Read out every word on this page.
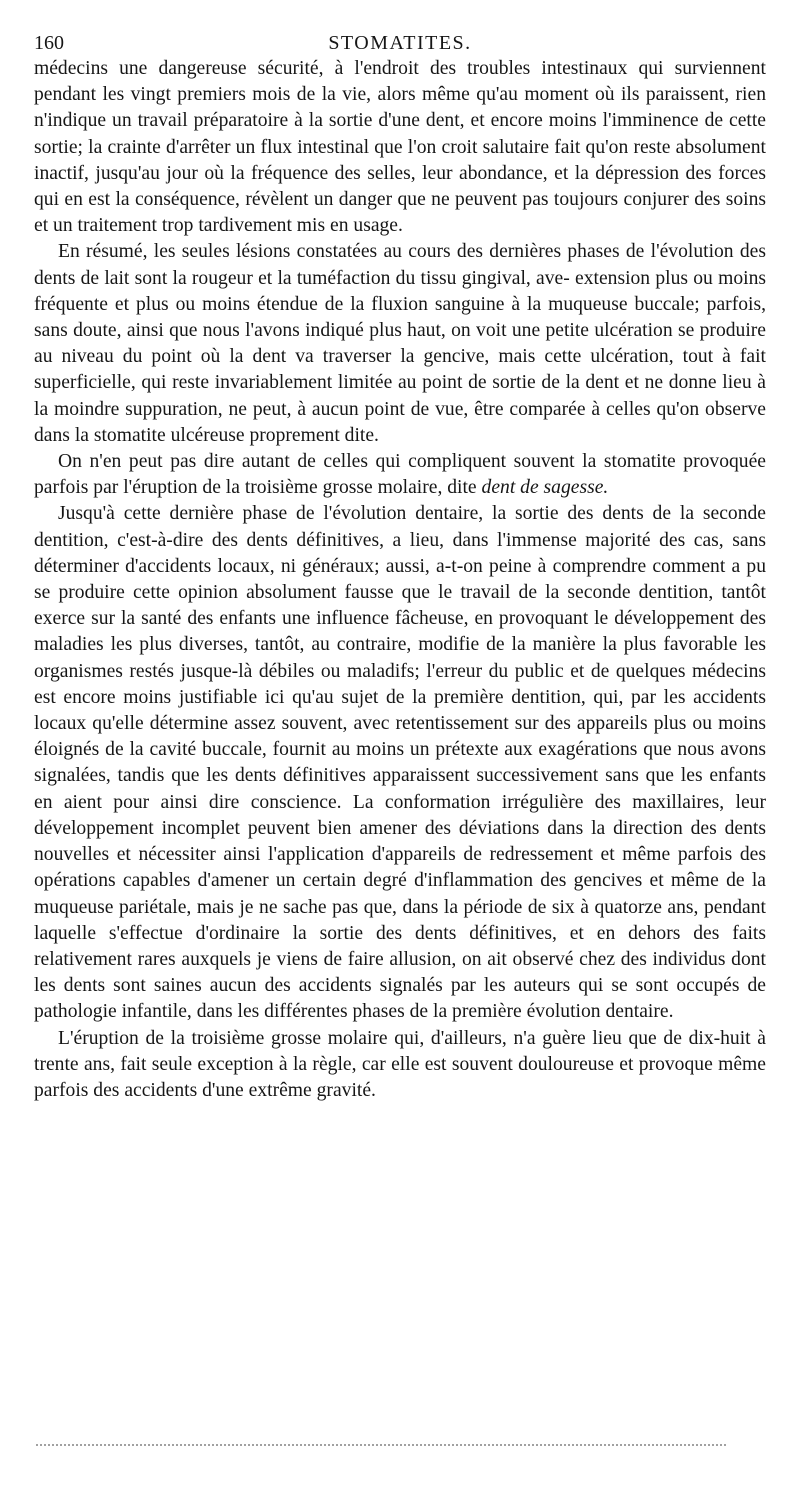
160	STOMATITES.

médecins une dangereuse sécurité, à l'endroit des troubles intestinaux qui surviennent pendant les vingt premiers mois de la vie, alors même qu'au moment où ils paraissent, rien n'indique un travail préparatoire à la sortie d'une dent, et encore moins l'imminence de cette sortie; la crainte d'arrêter un flux intestinal que l'on croit salutaire fait qu'on reste absolument inactif, jusqu'au jour où la fréquence des selles, leur abondance, et la dépression des forces qui en est la conséquence, révèlent un danger que ne peuvent pas toujours conjurer des soins et un traitement trop tardivement mis en usage.

En résumé, les seules lésions constatées au cours des dernières phases de l'évolution des dents de lait sont la rougeur et la tuméfaction du tissu gingival, ave- extension plus ou moins fréquente et plus ou moins étendue de la fluxion sanguine à la muqueuse buccale; parfois, sans doute, ainsi que nous l'avons indiqué plus haut, on voit une petite ulcération se produire au niveau du point où la dent va traverser la gencive, mais cette ulcération, tout à fait superficielle, qui reste invariablement limitée au point de sortie de la dent et ne donne lieu à la moindre suppuration, ne peut, à aucun point de vue, être comparée à celles qu'on observe dans la stomatite ulcéreuse proprement dite.

On n'en peut pas dire autant de celles qui compliquent souvent la stomatite provoquée parfois par l'éruption de la troisième grosse molaire, dite dent de sagesse.

Jusqu'à cette dernière phase de l'évolution dentaire, la sortie des dents de la seconde dentition, c'est-à-dire des dents définitives, a lieu, dans l'immense majorité des cas, sans déterminer d'accidents locaux, ni généraux; aussi, a-t-on peine à comprendre comment a pu se produire cette opinion absolument fausse que le travail de la seconde dentition, tantôt exerce sur la santé des enfants une influence fâcheuse, en provoquant le développement des maladies les plus diverses, tantôt, au contraire, modifie de la manière la plus favorable les organismes restés jusque-là débiles ou maladifs; l'erreur du public et de quelques médecins est encore moins justifiable ici qu'au sujet de la première dentition, qui, par les accidents locaux qu'elle détermine assez souvent, avec retentissement sur des appareils plus ou moins éloignés de la cavité buccale, fournit au moins un prétexte aux exagérations que nous avons signalées, tandis que les dents définitives apparaissent successivement sans que les enfants en aient pour ainsi dire conscience. La conformation irrégulière des maxillaires, leur développement incomplet peuvent bien amener des déviations dans la direction des dents nouvelles et nécessiter ainsi l'application d'appareils de redressement et même parfois des opérations capables d'amener un certain degré d'inflammation des gencives et même de la muqueuse pariétale, mais je ne sache pas que, dans la période de six à quatorze ans, pendant laquelle s'effectue d'ordinaire la sortie des dents définitives, et en dehors des faits relativement rares auxquels je viens de faire allusion, on ait observé chez des individus dont les dents sont saines aucun des accidents signalés par les auteurs qui se sont occupés de pathologie infantile, dans les différentes phases de la première évolution dentaire.

L'éruption de la troisième grosse molaire qui, d'ailleurs, n'a guère lieu que de dix-huit à trente ans, fait seule exception à la règle, car elle est souvent douloureuse et provoque même parfois des accidents d'une extrême gravité.
